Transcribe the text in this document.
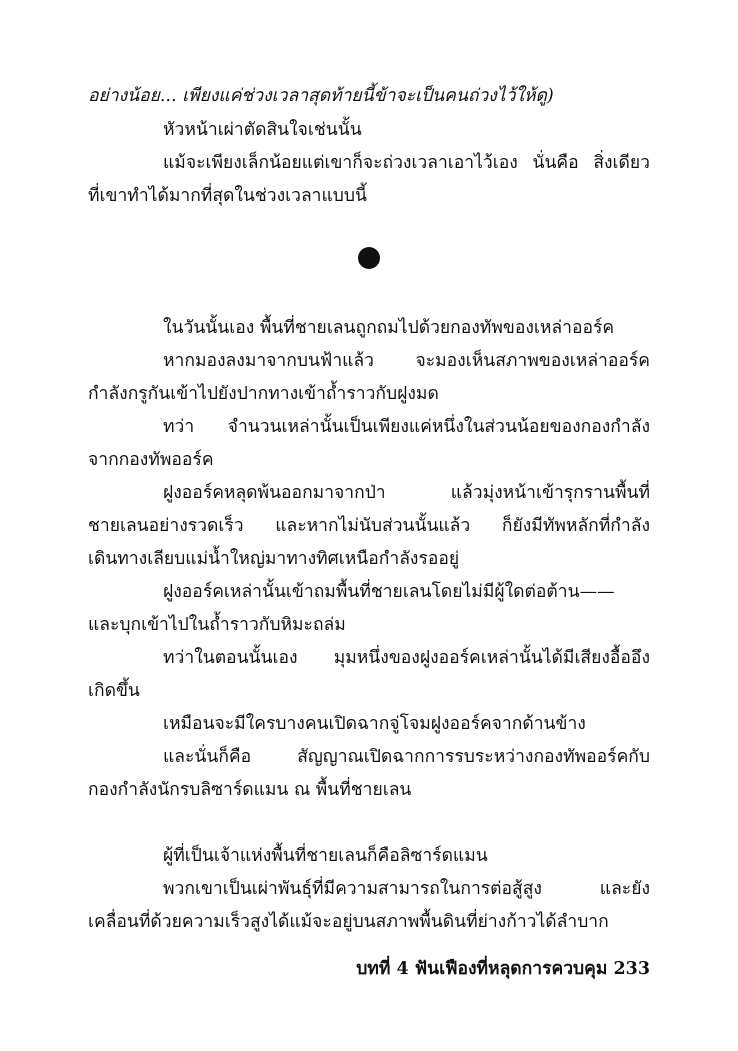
อย่างน้อย... เพียงแค่ช่วงเวลาสุดท้ายนี้ข้าจะเป็นคนถ่วงไว้ให้ดู)
หัวหน้าเผ่าตัดสินใจเช่นนั้น
แม้จะเพียงเล็กน้อยแต่เขาก็จะถ่วงเวลาเอาไว้เอง นั่นคือ สิ่งเดียว
ที่เขาทำได้มากที่สุดในช่วงเวลาแบบนี้
ในวันนั้นเอง พื้นที่ชายเลนถูกถมไปด้วยกองทัพของเหล่าออร์ค
หากมองลงมาจากบนฟ้าแล้ว จะมองเห็นสภาพของเหล่าออร์ค
กำลังกรูกันเข้าไปยังปากทางเข้าถ้ำราวกับฝูงมด
ทว่า จำนวนเหล่านั้นเป็นเพียงแค่หนึ่งในส่วนน้อยของกองกำลัง
จากกองทัพออร์ค
ฝูงออร์คหลุดพ้นออกมาจากป่า แล้วมุ่งหน้าเข้ารุกรานพื้นที่
ชายเลนอย่างรวดเร็ว และหากไม่นับส่วนนั้นแล้ว ก็ยังมีทัพหลักที่กำลัง
เดินทางเลียบแม่น้ำใหญ่มาทางทิศเหนือกำลังรออยู่
ฝูงออร์คเหล่านั้นเข้าถมพื้นที่ชายเลนโดยไม่มีผู้ใดต่อต้าน——
และบุกเข้าไปในถ้ำราวกับหิมะถล่ม
ทว่าในตอนนั้นเอง มุมหนึ่งของฝูงออร์คเหล่านั้นได้มีเสียงอื้ออึง
เกิดขึ้น
เหมือนจะมีใครบางคนเปิดฉากจู่โจมฝูงออร์คจากด้านข้าง
และนั่นก็คือ สัญญาณเปิดฉากการรบระหว่างกองทัพออร์คกับ
กองกำลังนักรบลิซาร์ดแมน ณ พื้นที่ชายเลน
ผู้ที่เป็นเจ้าแห่งพื้นที่ชายเลนก็คือลิซาร์ดแมน
พวกเขาเป็นเผ่าพันธุ์ที่มีความสามารถในการต่อสู้สูง และยัง
เคลื่อนที่ด้วยความเร็วสูงได้แม้จะอยู่บนสภาพพื้นดินที่ย่างก้าวได้ลำบาก
บทที่ 4 ฟันเฟืองที่หลุดการควบคุม 233
